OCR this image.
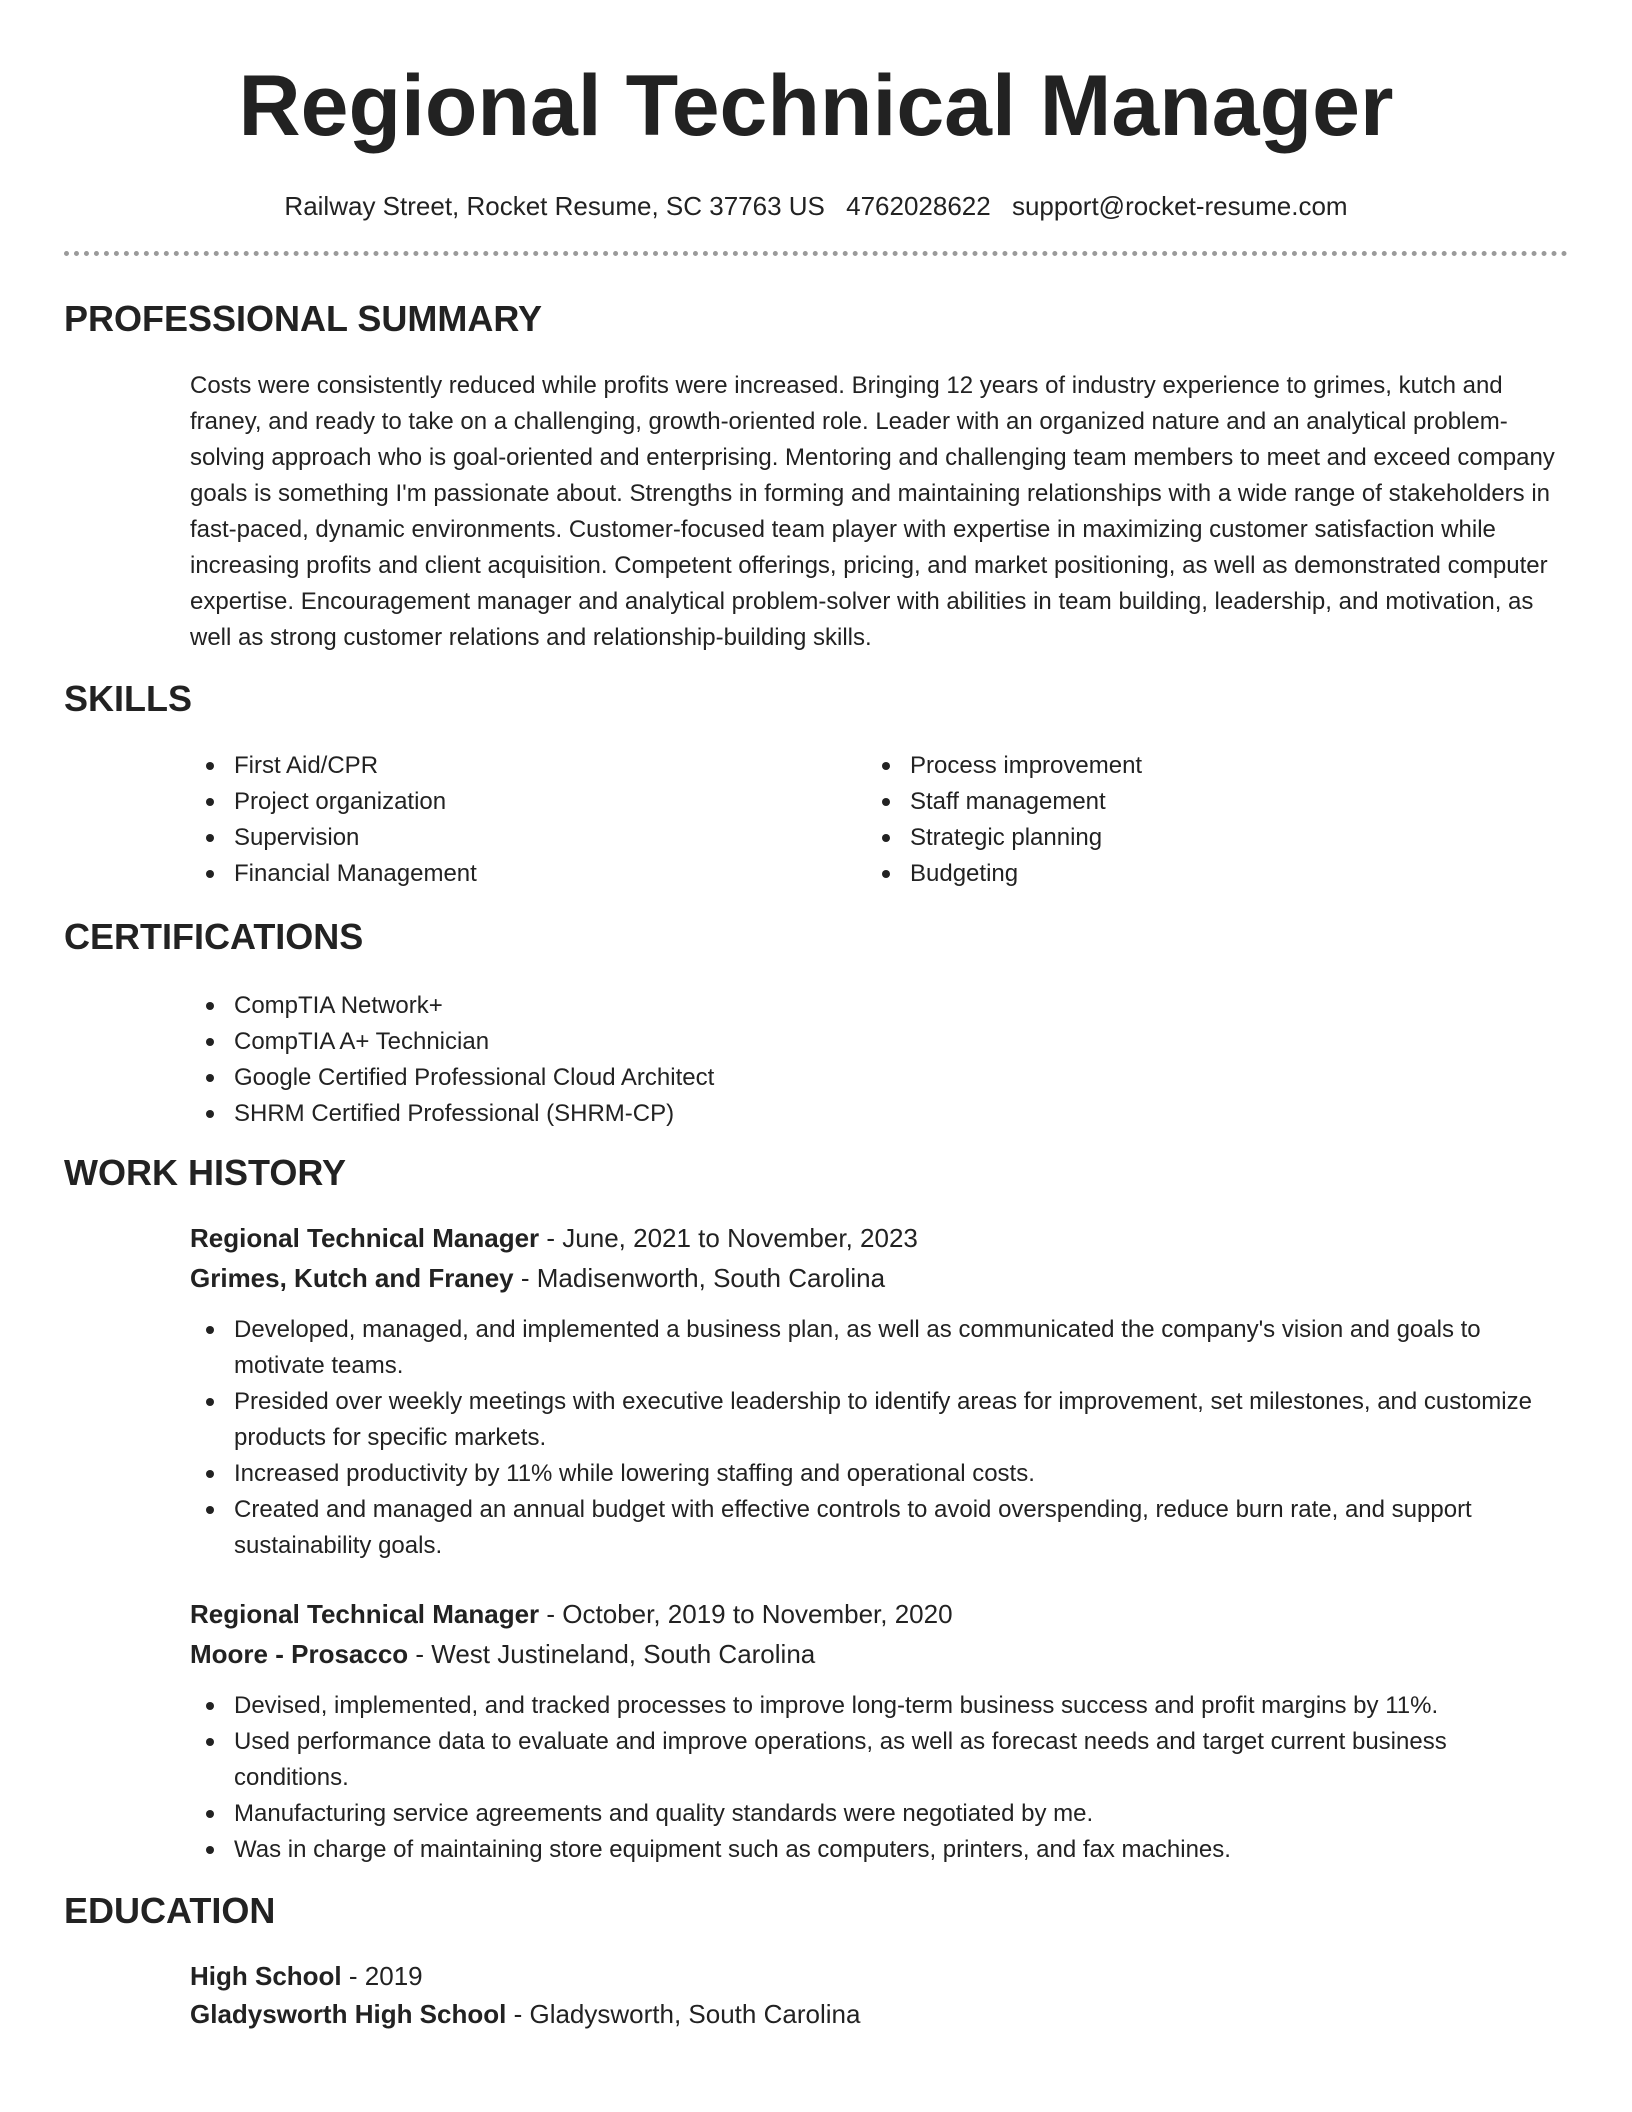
Regional Technical Manager
Railway Street, Rocket Resume, SC 37763 US 4762028622 support@rocket-resume.com
PROFESSIONAL SUMMARY

Costs were consistently reduced while profits were increased. Bringing 12 years of industry experience to grimes, kutch and franey, and ready to take on a challenging, growth-oriented role. Leader with an organized nature and an analytical problem-solving approach who is goal-oriented and enterprising. Mentoring and challenging team members to meet and exceed company goals is something I'm passionate about. Strengths in forming and maintaining relationships with a wide range of stakeholders in fast-paced, dynamic environments. Customer-focused team player with expertise in maximizing customer satisfaction while increasing profits and client acquisition. Competent offerings, pricing, and market positioning, as well as demonstrated computer expertise. Encouragement manager and analytical problem-solver with abilities in team building, leadership, and motivation, as well as strong customer relations and relationship-building skills.

SKILLS
First Aid/CPR
Project organization
Supervision
Financial Management
Process improvement
Staff management
Strategic planning
Budgeting
CERTIFICATIONS
CompTIA Network+
CompTIA A+ Technician
Google Certified Professional Cloud Architect
SHRM Certified Professional (SHRM-CP)
WORK HISTORY
Regional Technical Manager - June, 2021 to November, 2023
Grimes, Kutch and Franey - Madisenworth, South Carolina
Developed, managed, and implemented a business plan, as well as communicated the company's vision and goals to motivate teams.
Presided over weekly meetings with executive leadership to identify areas for improvement, set milestones, and customize products for specific markets.
Increased productivity by 11% while lowering staffing and operational costs.
Created and managed an annual budget with effective controls to avoid overspending, reduce burn rate, and support sustainability goals.
Regional Technical Manager - October, 2019 to November, 2020
Moore - Prosacco - West Justineland, South Carolina
Devised, implemented, and tracked processes to improve long-term business success and profit margins by 11%.
Used performance data to evaluate and improve operations, as well as forecast needs and target current business conditions.
Manufacturing service agreements and quality standards were negotiated by me.
Was in charge of maintaining store equipment such as computers, printers, and fax machines.
EDUCATION
High School - 2019
Gladysworth High School - Gladysworth, South Carolina
